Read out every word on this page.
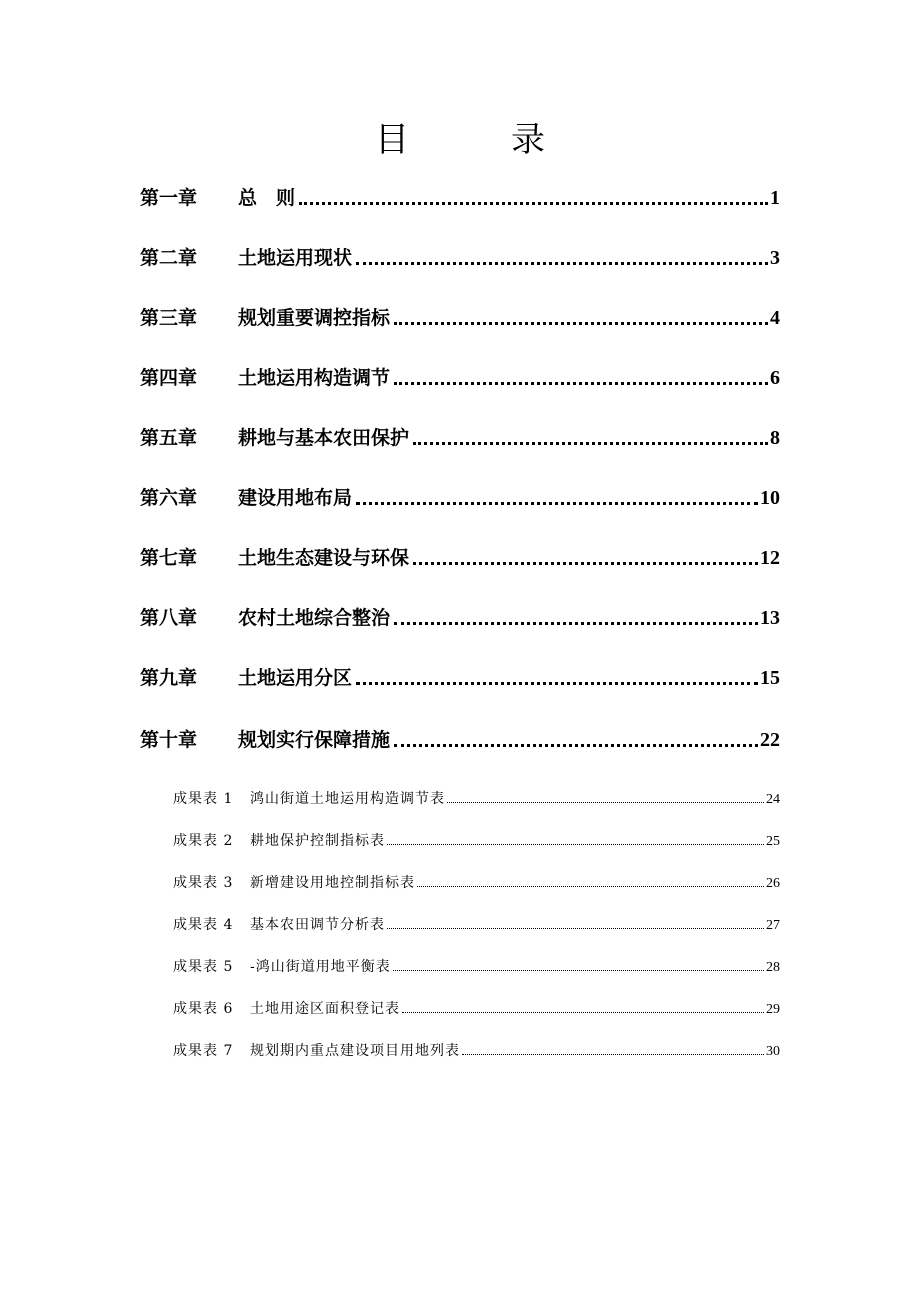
目　录
第一章	总　则	1
第二章	土地运用现状	3
第三章	规划重要调控指标	4
第四章	土地运用构造调节	6
第五章	耕地与基本农田保护	8
第六章	建设用地布局	10
第七章	土地生态建设与环保	12
第八章	农村土地综合整治	13
第九章	土地运用分区	15
第十章	规划实行保障措施	22
成果表 1	鸿山街道土地运用构造调节表	24
成果表 2	耕地保护控制指标表	25
成果表 3	新增建设用地控制指标表	26
成果表 4	基本农田调节分析表	27
成果表 5	-鸿山街道用地平衡表	28
成果表 6	土地用途区面积登记表	29
成果表 7	规划期内重点建设项目用地列表	30
